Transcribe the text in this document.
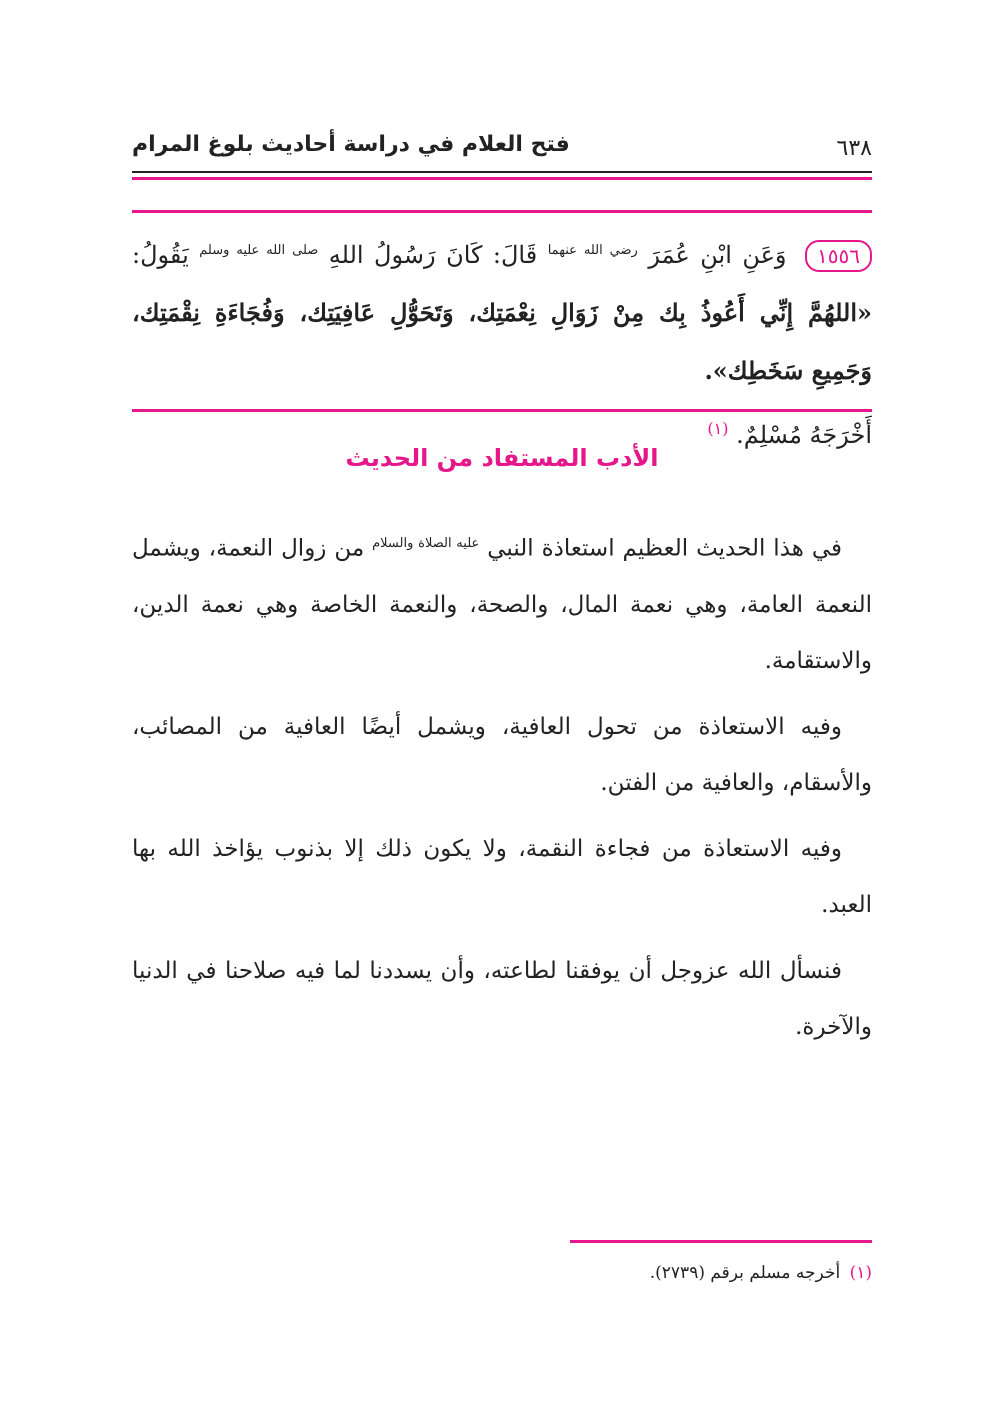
٦٣٨
فتح العلام في دراسة أحاديث بلوغ المرام
١٥٥٦ وَعَنِ ابْنِ عُمَرَ $^{رضي الله عنهما}$ قَالَ: كَانَ رَسُولُ اللهِ $^{صلى الله عليه وسلم}$ يَقُولُ: «اللهُمَّ إِنِّي أَعُوذُ بِك مِنْ زَوَالِ نِعْمَتِك، وَتَحَوُّلِ عَافِيَتِك، وَفُجَاءَةِ نِقْمَتِك، وَجَمِيعِ سَخَطِك».
أَخْرَجَهُ مُسْلِمٌ. $^{(١)}$
الأدب المستفاد من الحديث

في هذا الحديث العظيم استعاذة النبي $^{عليه الصلاة والسلام}$ من زوال النعمة، ويشمل النعمة العامة، وهي نعمة المال، والصحة، والنعمة الخاصة وهي نعمة الدين، والاستقامة.

وفيه الاستعاذة من تحول العافية، ويشمل أيضًا العافية من المصائب، والأسقام، والعافية من الفتن.

وفيه الاستعاذة من فجاءة النقمة، ولا يكون ذلك إلا بذنوب يؤاخذ الله بها العبد.

فنسأل الله عزوجل أن يوفقنا لطاعته، وأن يسددنا لما فيه صلاحنا في الدنيا والآخرة.

(١) أخرجه مسلم برقم (٢٧٣٩).
